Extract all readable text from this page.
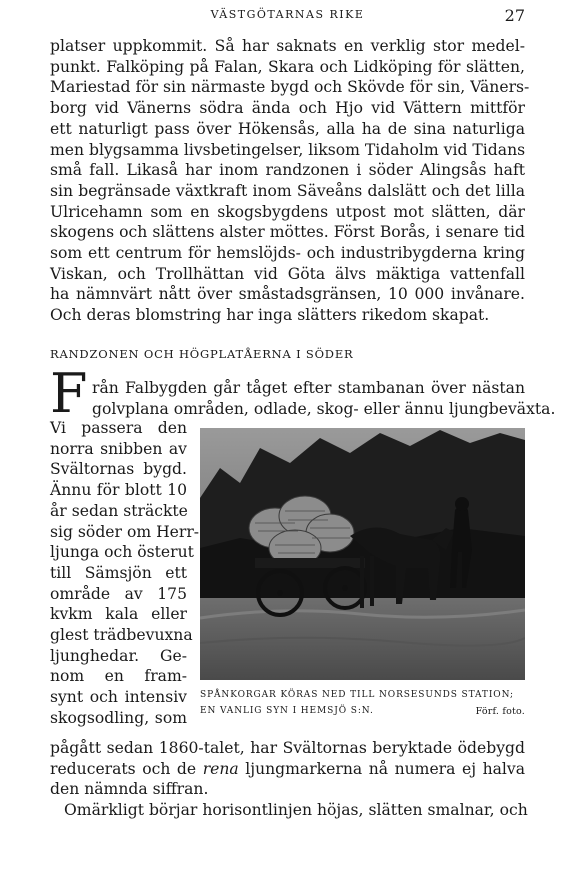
VÄSTGÖTARNAS RIKE	27
platser uppkommit. Så har saknats en verklig stor medel-
punkt. Falköping på Falan, Skara och Lidköping för slätten,
Mariestad för sin närmaste bygd och Skövde för sin, Väners-
borg vid Vänerns södra ända och Hjo vid Vättern mittför
ett naturligt pass över Hökensås, alla ha de sina naturliga
men blygsamma livsbetingelser, liksom Tidaholm vid Tidans
små fall. Likaså har inom randzonen i söder Alingsås haft
sin begränsade växtkraft inom Säveåns dalslätt och det lilla
Ulricehamn som en skogsbygdens utpost mot slätten, där
skogens och slättens alster möttes. Först Borås, i senare tid
som ett centrum för hemslöjds- och industribygderna kring
Viskan, och Trollhättan vid Göta älvs mäktiga vattenfall
ha nämnvärt nått över småstadsgränsen, 10 000 invånare.
Och deras blomstring har inga slätters rikedom skapat.
RANDZONEN OCH HÖGPLATÅERNA I SÖDER
F rån Falbygden går tåget efter stambanan över nästan
golvplana områden, odlade, skog- eller ännu ljungbeväxta.
Vi passera den
norra snibben av
Svältornas bygd.
Ännu för blott 10
år sedan sträckte
sig söder om Herr-
ljunga och österut
till Sämsjön ett
område av 175
kvkm kala eller
glest trädbevuxna
ljunghedar. Ge-
nom en fram-
synt och intensiv
skogsodling, som
SPÅNKORGAR KÖRAS NED TILL NORSESUNDS STATION;
EN VANLIG SYN I HEMSJÖ S:N.	Förf. foto.
pågått sedan 1860-talet, har Svältornas beryktade ödebygd
reducerats och de rena ljungmarkerna nå numera ej halva
den nämnda siffran.
Omärkligt börjar horisontlinjen höjas, slätten smalnar, och
